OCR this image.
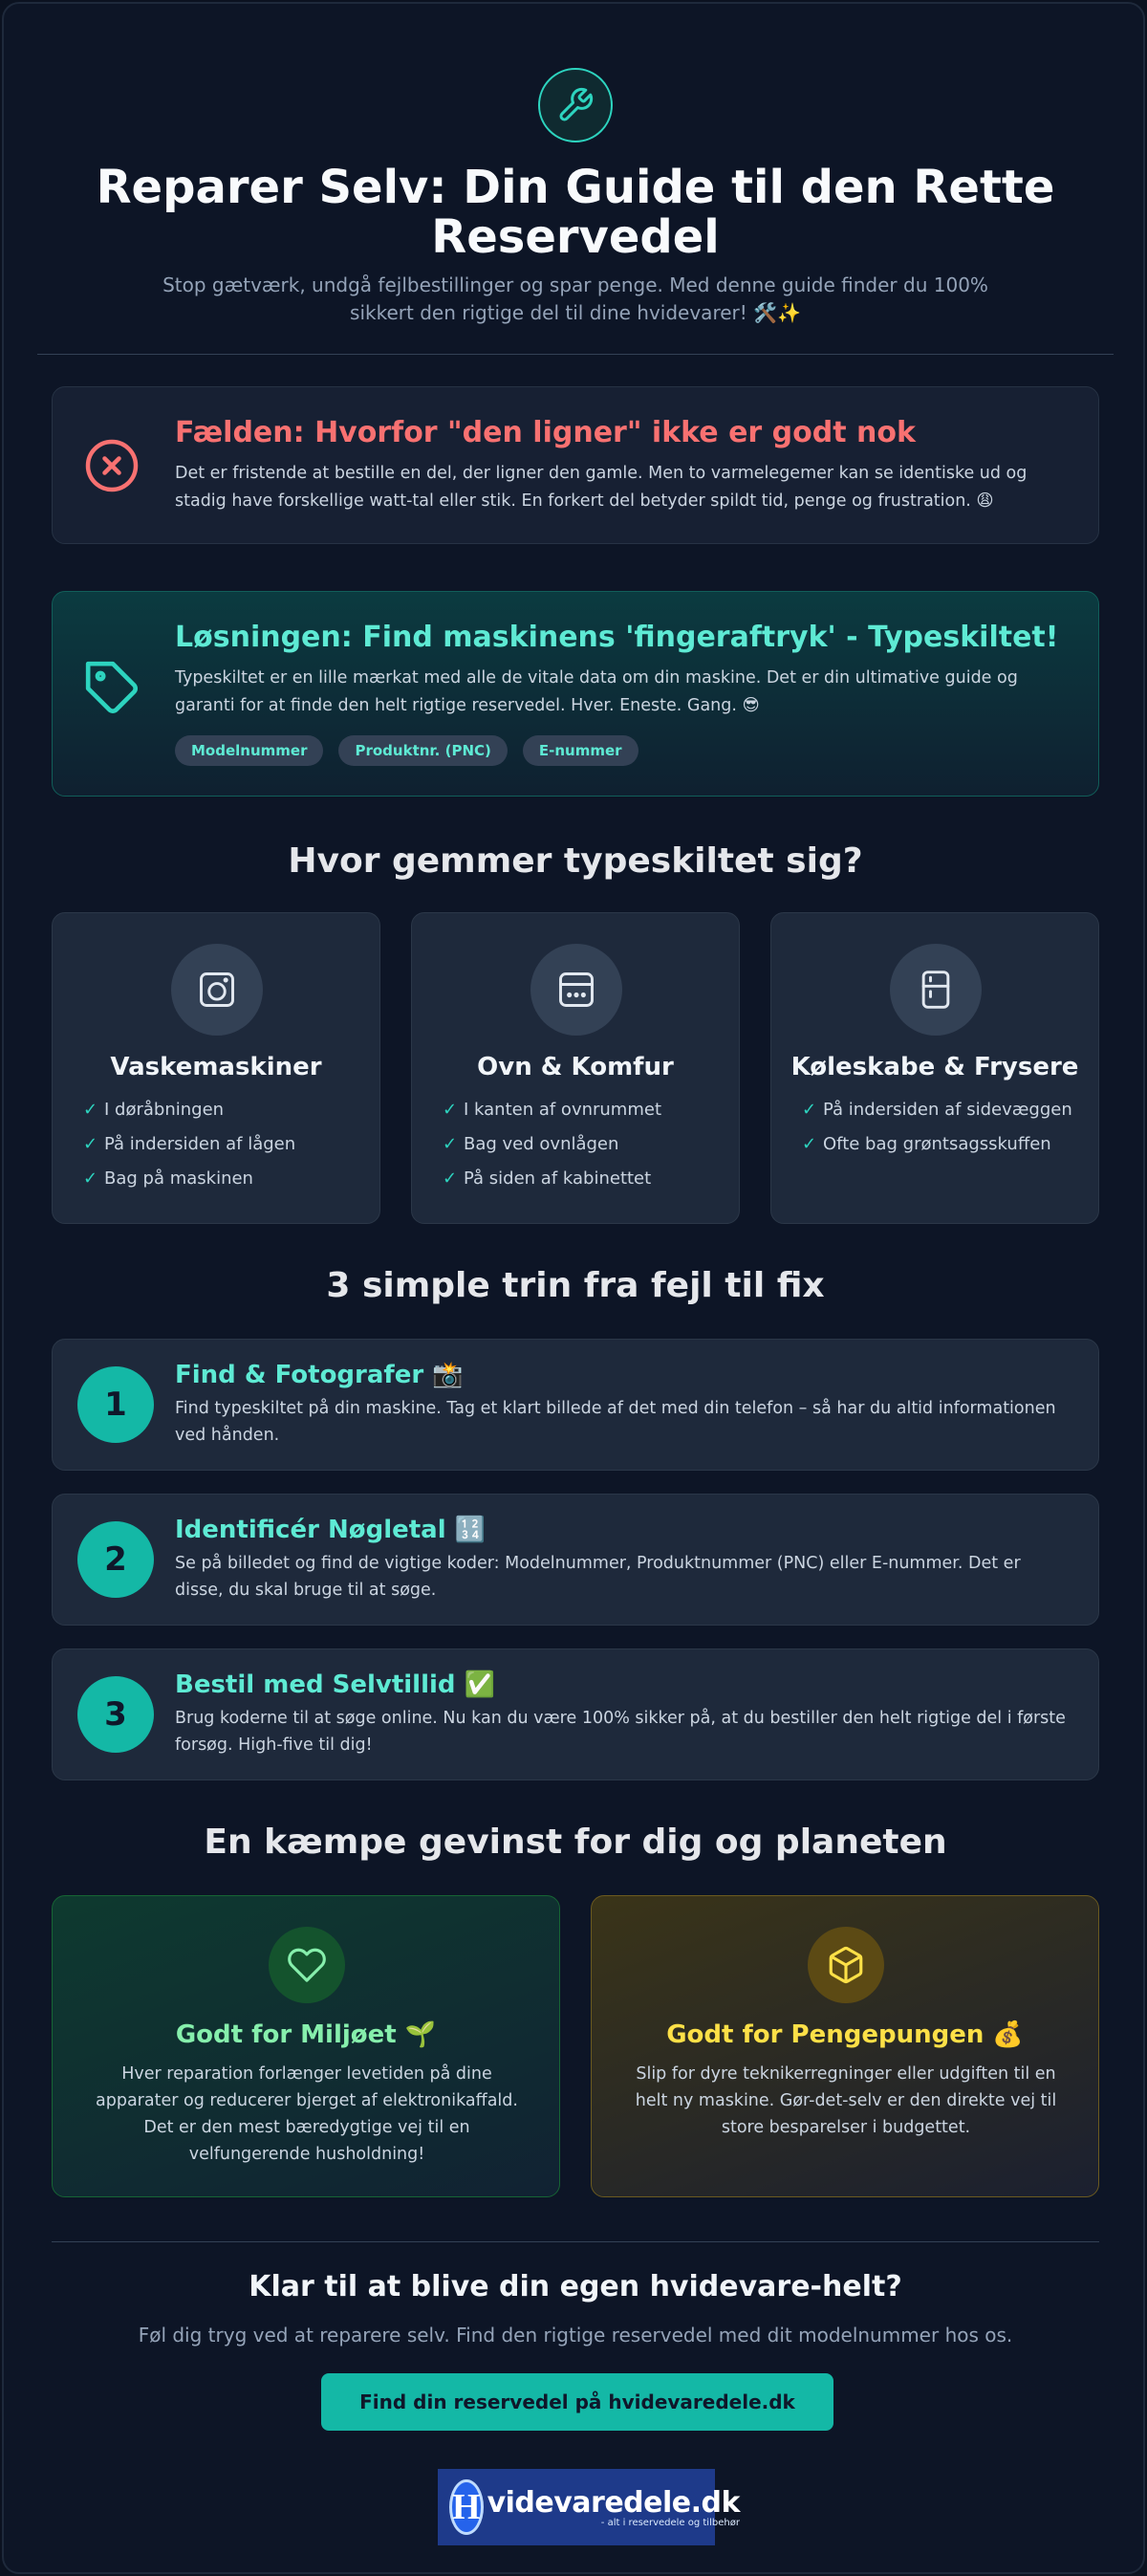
Reparer Selv: Din Guide til den Rette Reservedel

Stop gætværk, undgå fejlbestillinger og spar penge. Med denne guide finder du 100% sikkert den rigtige del til dine hvidevarer! 🛠️✨

Fælden: Hvorfor "den ligner" ikke er godt nok

Det er fristende at bestille en del, der ligner den gamle. Men to varmelegemer kan se identiske ud og stadig have forskellige watt-tal eller stik. En forkert del betyder spildt tid, penge og frustration. 😩

Løsningen: Find maskinens 'fingeraftryk' - Typeskiltet!

Typeskiltet er en lille mærkat med alle de vitale data om din maskine. Det er din ultimative guide og garanti for at finde den helt rigtige reservedel. Hver. Eneste. Gang. 😎

Modelnummer	Produktnr. (PNC)	E-nummer
Hvor gemmer typeskiltet sig?
Vaskemaskiner
✓ I døråbningen
✓ På indersiden af lågen
✓ Bag på maskinen
Ovn & Komfur
✓ I kanten af ovnrummet
✓ Bag ved ovnlågen
✓ På siden af kabinettet
Køleskabe & Frysere
✓ På indersiden af sidevæggen
✓ Ofte bag grøntsagsskuffen
3 simple trin fra fejl til fix
1
Find & Fotografer 📸

Find typeskiltet på din maskine. Tag et klart billede af det med din telefon – så har du altid informationen ved hånden.

2
Identificér Nøgletal 🔢

Se på billedet og find de vigtige koder: Modelnummer, Produktnummer (PNC) eller E-nummer. Det er disse, du skal bruge til at søge.

3
Bestil med Selvtillid ✅

Brug koderne til at søge online. Nu kan du være 100% sikker på, at du bestiller den helt rigtige del i første forsøg. High-five til dig!

En kæmpe gevinst for dig og planeten
Godt for Miljøet 🌱

Hver reparation forlænger levetiden på dine apparater og reducerer bjerget af elektronikaffald. Det er den mest bæredygtige vej til en velfungerende husholdning!

Godt for Pengepungen 💰

Slip for dyre teknikerregninger eller udgiften til en helt ny maskine. Gør-det-selv er den direkte vej til store besparelser i budgettet.

Klar til at blive din egen hvidevare-helt?

Føl dig tryg ved at reparere selv. Find den rigtige reservedel med dit modelnummer hos os.

Find din reservedel på hvidevaredele.dk
H videvaredele.dk
- alt i reservedele og tilbehør
